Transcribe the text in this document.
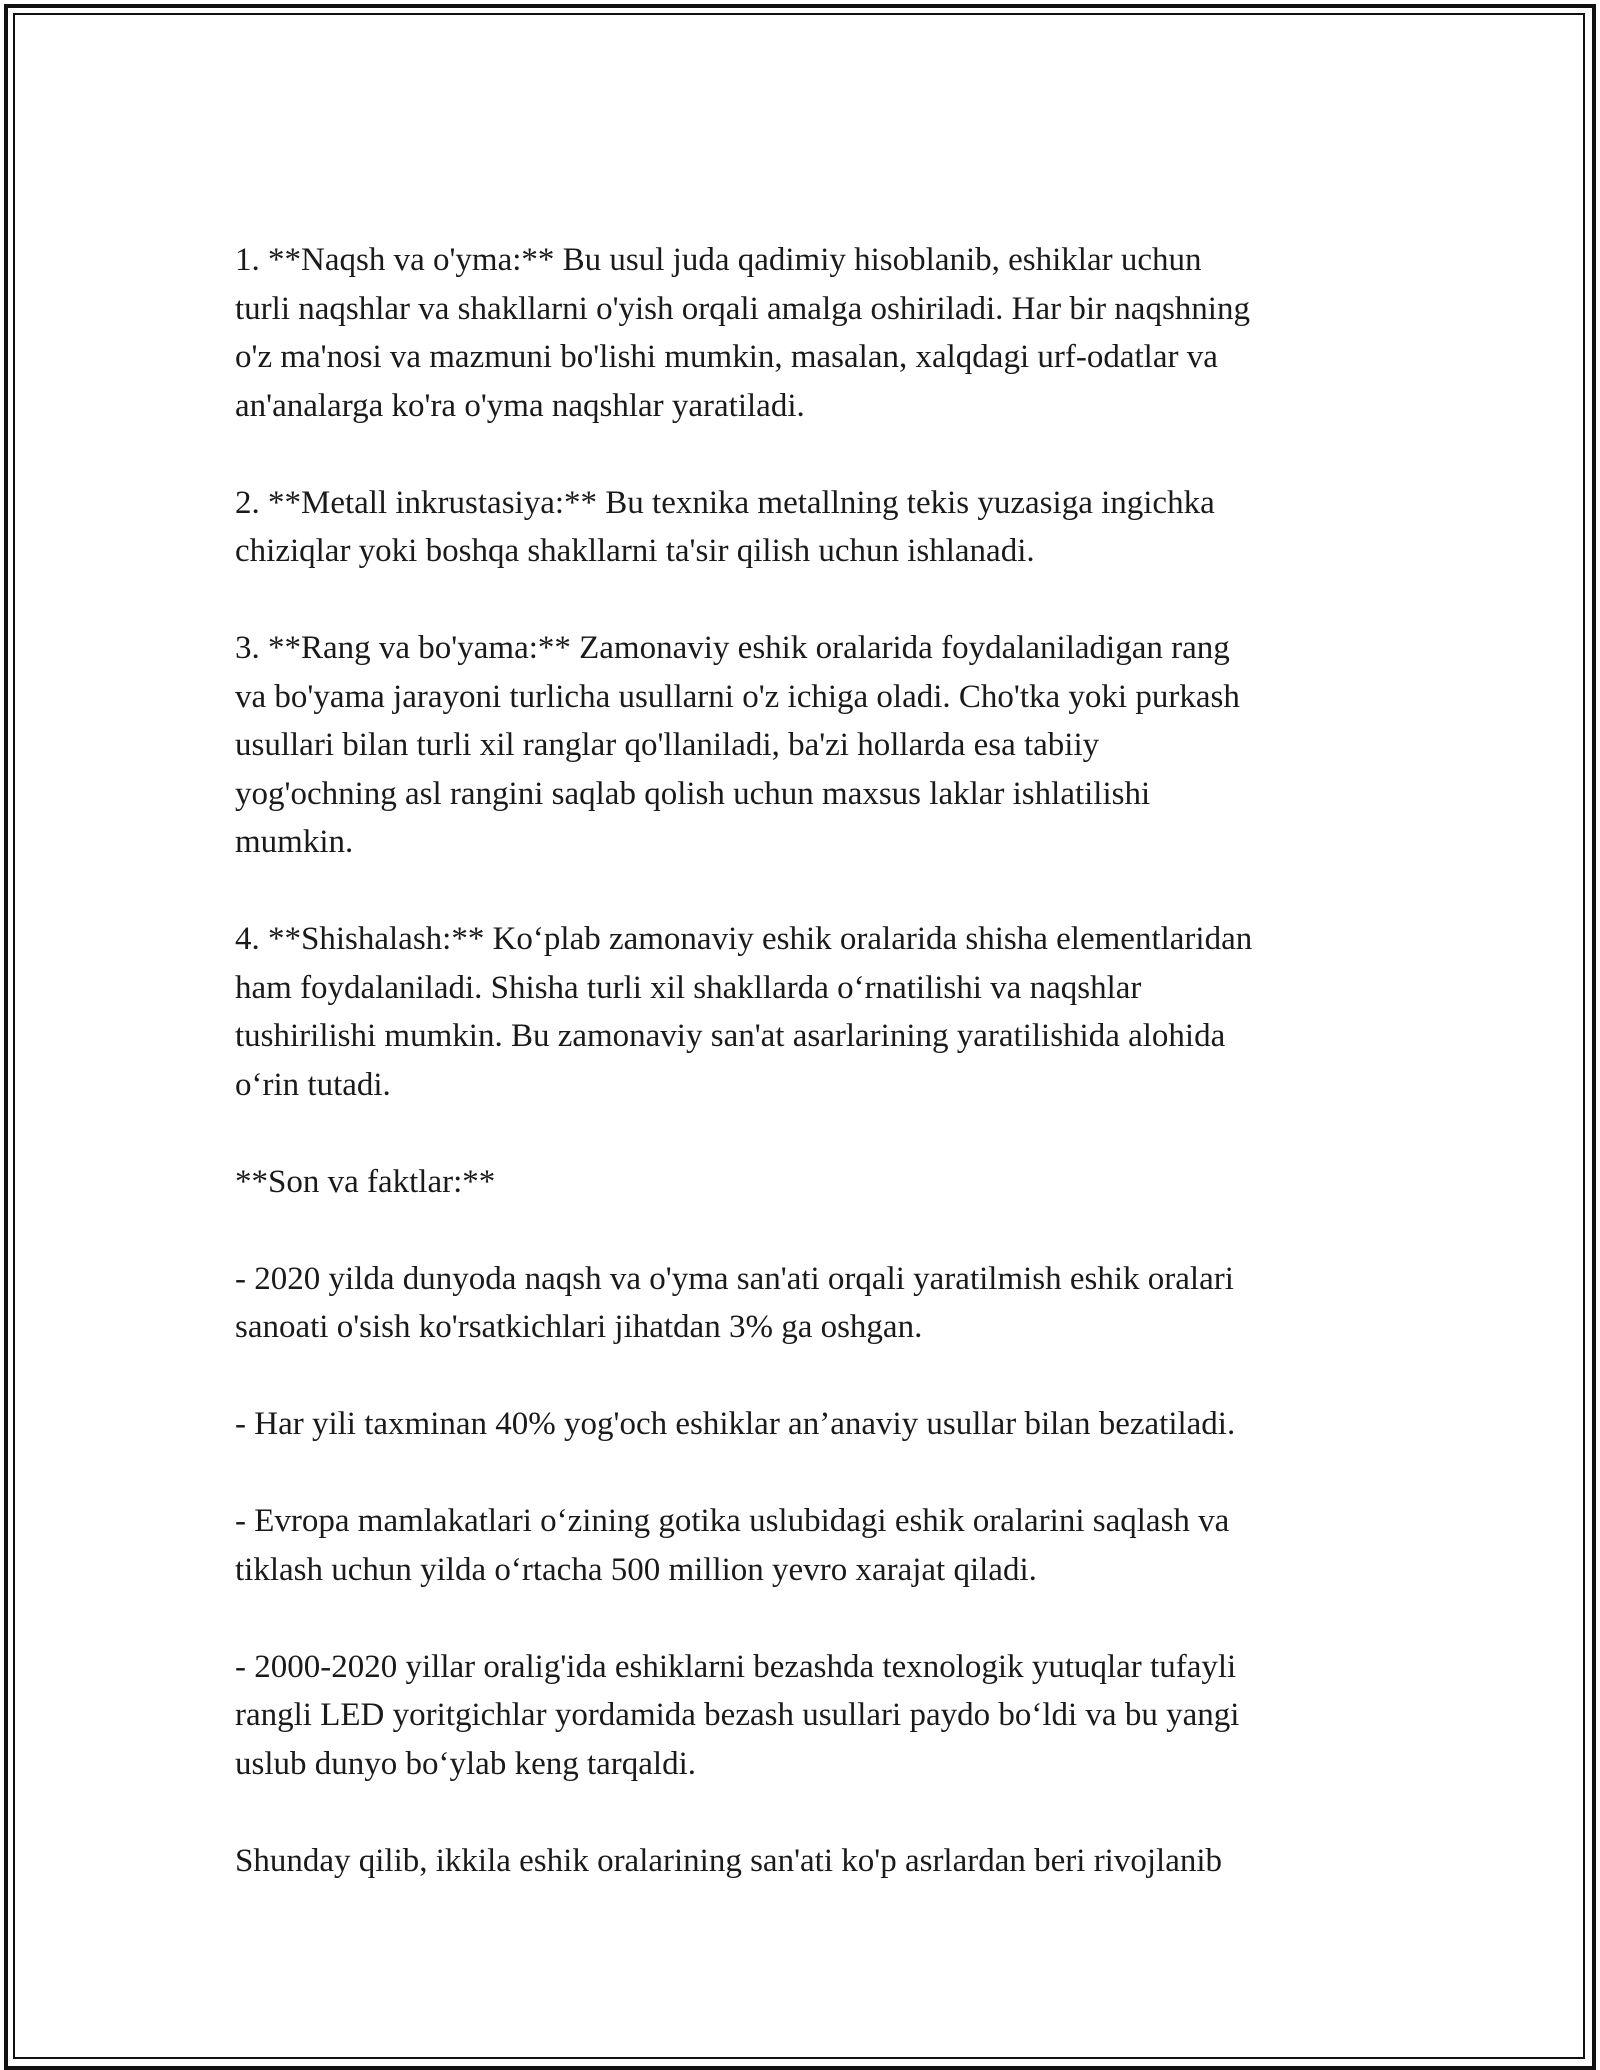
1. **Naqsh va o'yma:** Bu usul juda qadimiy hisoblanib, eshiklar uchun
turli naqshlar va shakllarni o'yish orqali amalga oshiriladi. Har bir naqshning
o'z ma'nosi va mazmuni bo'lishi mumkin, masalan, xalqdagi urf-odatlar va
an'analarga ko'ra o'yma naqshlar yaratiladi.

2. **Metall inkrustasiya:** Bu texnika metallning tekis yuzasiga ingichka
chiziqlar yoki boshqa shakllarni ta'sir qilish uchun ishlanadi.

3. **Rang va bo'yama:** Zamonaviy eshik oralarida foydalaniladigan rang
va bo'yama jarayoni turlicha usullarni o'z ichiga oladi. Cho'tka yoki purkash
usullari bilan turli xil ranglar qo'llaniladi, ba'zi hollarda esa tabiiy
yog'ochning asl rangini saqlab qolish uchun maxsus laklar ishlatilishi
mumkin.

4. **Shishalash:** Ko‘plab zamonaviy eshik oralarida shisha elementlaridan
ham foydalaniladi. Shisha turli xil shakllarda o‘rnatilishi va naqshlar
tushirilishi mumkin. Bu zamonaviy san'at asarlarining yaratilishida alohida
o‘rin tutadi.

**Son va faktlar:**

- 2020 yilda dunyoda naqsh va o'yma san'ati orqali yaratilmish eshik oralari
sanoati o'sish ko'rsatkichlari jihatdan 3% ga oshgan.

- Har yili taxminan 40% yog'och eshiklar an’anaviy usullar bilan bezatiladi.

- Evropa mamlakatlari o‘zining gotika uslubidagi eshik oralarini saqlash va
tiklash uchun yilda o‘rtacha 500 million yevro xarajat qiladi.

- 2000-2020 yillar oralig'ida eshiklarni bezashda texnologik yutuqlar tufayli
rangli LED yoritgichlar yordamida bezash usullari paydo bo‘ldi va bu yangi
uslub dunyo bo‘ylab keng tarqaldi.

Shunday qilib, ikkila eshik oralarining san'ati ko'p asrlardan beri rivojlanib
